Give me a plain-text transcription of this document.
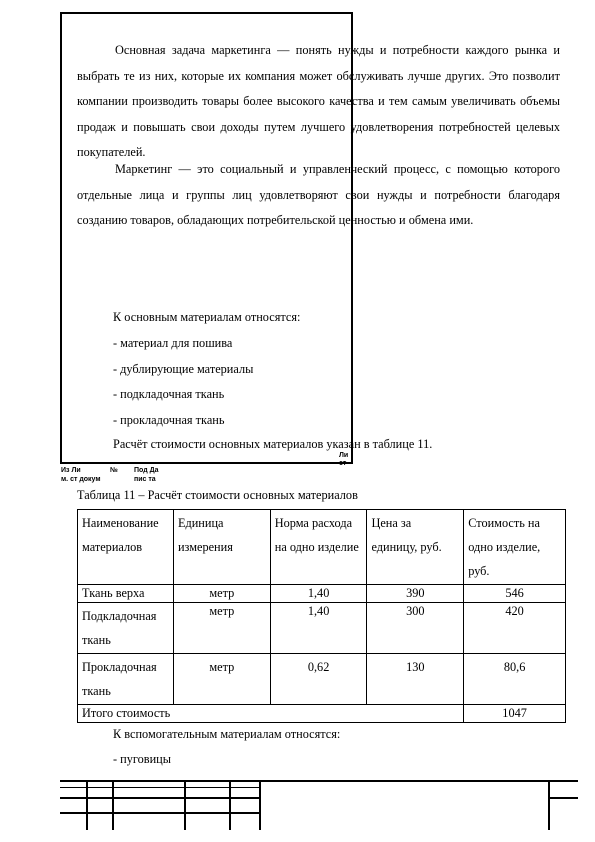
Основная задача маркетинга — понять нужды и потребности каждого рынка и выбрать те из них, которые их компания может обслуживать лучше других. Это позволит компании производить товары более высокого качества и тем самым увеличивать объемы продаж и повышать свои доходы путем лучшего удовлетворения потребностей целевых покупателей.

Маркетинг — это социальный и управленческий процесс, с помощью которого отдельные лица и группы лиц удовлетворяют свои нужды и потребности благодаря созданию товаров, обладающих потребительской ценностью и обмена ими.

К основным материалам относятся:
- материал для пошива
- дублирующие материалы
- подкладочная ткань
- прокладочная ткань
Расчёт стоимости основных материалов указан в таблице 11.
Ли ст
Из Ли	№ Под Да
м. ст докум	пис та
Таблица 11 – Расчёт стоимости основных материалов
Наименование материалов	Единица измерения	Норма расхода на одно изделие	Цена за единицу, руб.	Стоимость на одно изделие, руб.
Ткань верха	метр	1,40	390	546
Подкладочная ткань	метр	1,40	300	420
Прокладочная ткань	метр	0,62	130	80,6
Итого стоимость				1047
К вспомогательным материалам относятся:
- пуговицы
